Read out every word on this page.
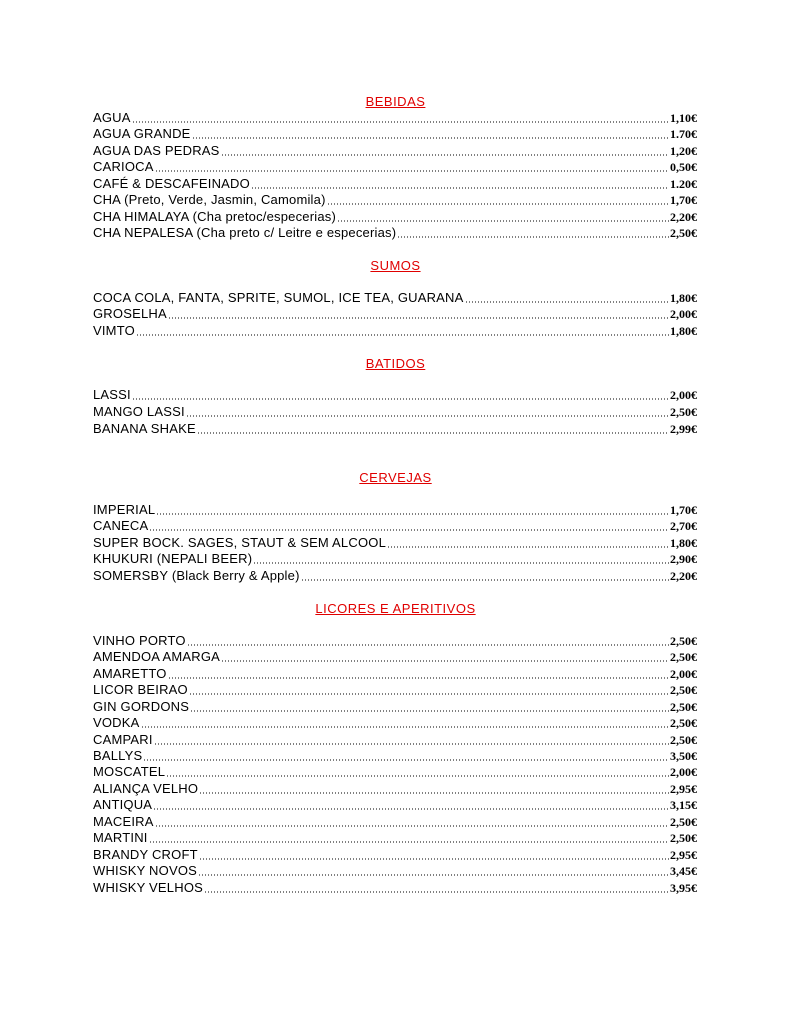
BEBIDAS
AGUA	1,10€
AGUA GRANDE	1.70€
AGUA DAS PEDRAS	1,20€
CARIOCA	0,50€
CAFÉ & DESCAFEINADO	1.20€
CHA (Preto, Verde, Jasmin, Camomila)	1,70€
CHA HIMALAYA (Cha pretoc/especerias)	2,20€
CHA NEPALESA (Cha preto c/ Leitre e especerias)	2,50€
SUMOS
COCA COLA, FANTA, SPRITE, SUMOL, ICE TEA, GUARANA	1,80€
GROSELHA	2,00€
VIMTO	1,80€
BATIDOS
LASSI	2,00€
MANGO LASSI	2,50€
BANANA SHAKE	2,99€
CERVEJAS
IMPERIAL	1,70€
CANECA	2,70€
SUPER BOCK. SAGES, STAUT & SEM ALCOOL	1,80€
KHUKURI (NEPALI BEER)	2,90€
SOMERSBY (Black Berry & Apple)	2,20€
LICORES E APERITIVOS
VINHO PORTO	2,50€
AMENDOA AMARGA	2,50€
AMARETTO	2,00€
LICOR BEIRAO	2,50€
GIN GORDONS	2,50€
VODKA	2,50€
CAMPARI	2,50€
BALLYS	3,50€
MOSCATEL	2,00€
ALIANÇA VELHO	2,95€
ANTIQUA	3,15€
MACEIRA	2,50€
MARTINI	2,50€
BRANDY CROFT	2,95€
WHISKY NOVOS	3,45€
WHISKY VELHOS	3,95€
